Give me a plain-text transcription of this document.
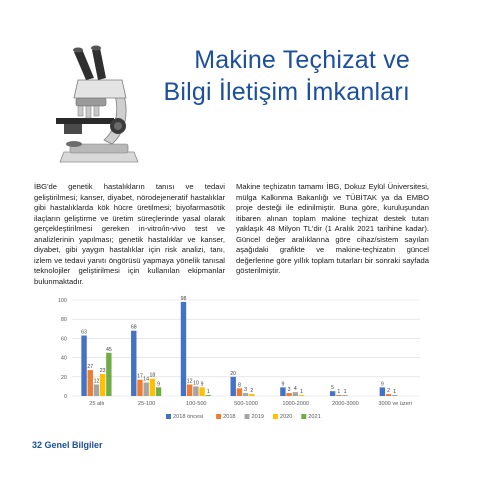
Makine Teçhizat ve
Bilgi İletişim İmkanları
İBG'de genetik hastalıkların tanısı ve tedavi geliştirilmesi; kanser, diyabet, nörodejeneratif hastalıklar gibi hastalıklarda kök hücre üretilmesi; biyofarmasötik ilaçların geliştirme ve üretim süreçlerinde yasal olarak gerçekleştirilmesi gereken in-vitro/in-vivo test ve analizlerinin yapılması; genetik hastalıklar ve kanser, diyabet, gibi yaygın hastalıklar için risk analizi, tanı, izlem ve tedavi yanıtı öngörüsü yapmaya yönelik tanısal teknolojiler geliştirilmesi için kullanılan ekipmanlar bulunmaktadır.
Makine teçhizatın tamamı İBG, Dokuz Eylül Üniversitesi, mülga Kalkınma Bakanlığı ve TÜBİTAK ya da EMBO proje desteği ile edinilmiştir. Buna göre, kuruluşundan itibaren alınan toplam makine teçhizat destek tutarı yaklaşık 48 Milyon TL'dir (1 Aralık 2021 tarihine kadar). Güncel değer aralıklarına göre cihaz/sistem sayıları aşağıdaki grafikte ve makine-teçhizatın güncel değerlerine göre yıllık toplam tutarları bir sonraki sayfada gösterilmiştir.
0
20
40
60
80
100
63
27
12
23
45
25 altı
68
17 14
18
9
25-100
98
12 10 9
1
100-500
20
8
3 2
500-1000
9
3 4 1
1000-2000
5
1 1
2000-3000
9
2 1
3000 ve üzeri
2018 öncesi	2018	2019	2020	2021
32 Genel Bilgiler
